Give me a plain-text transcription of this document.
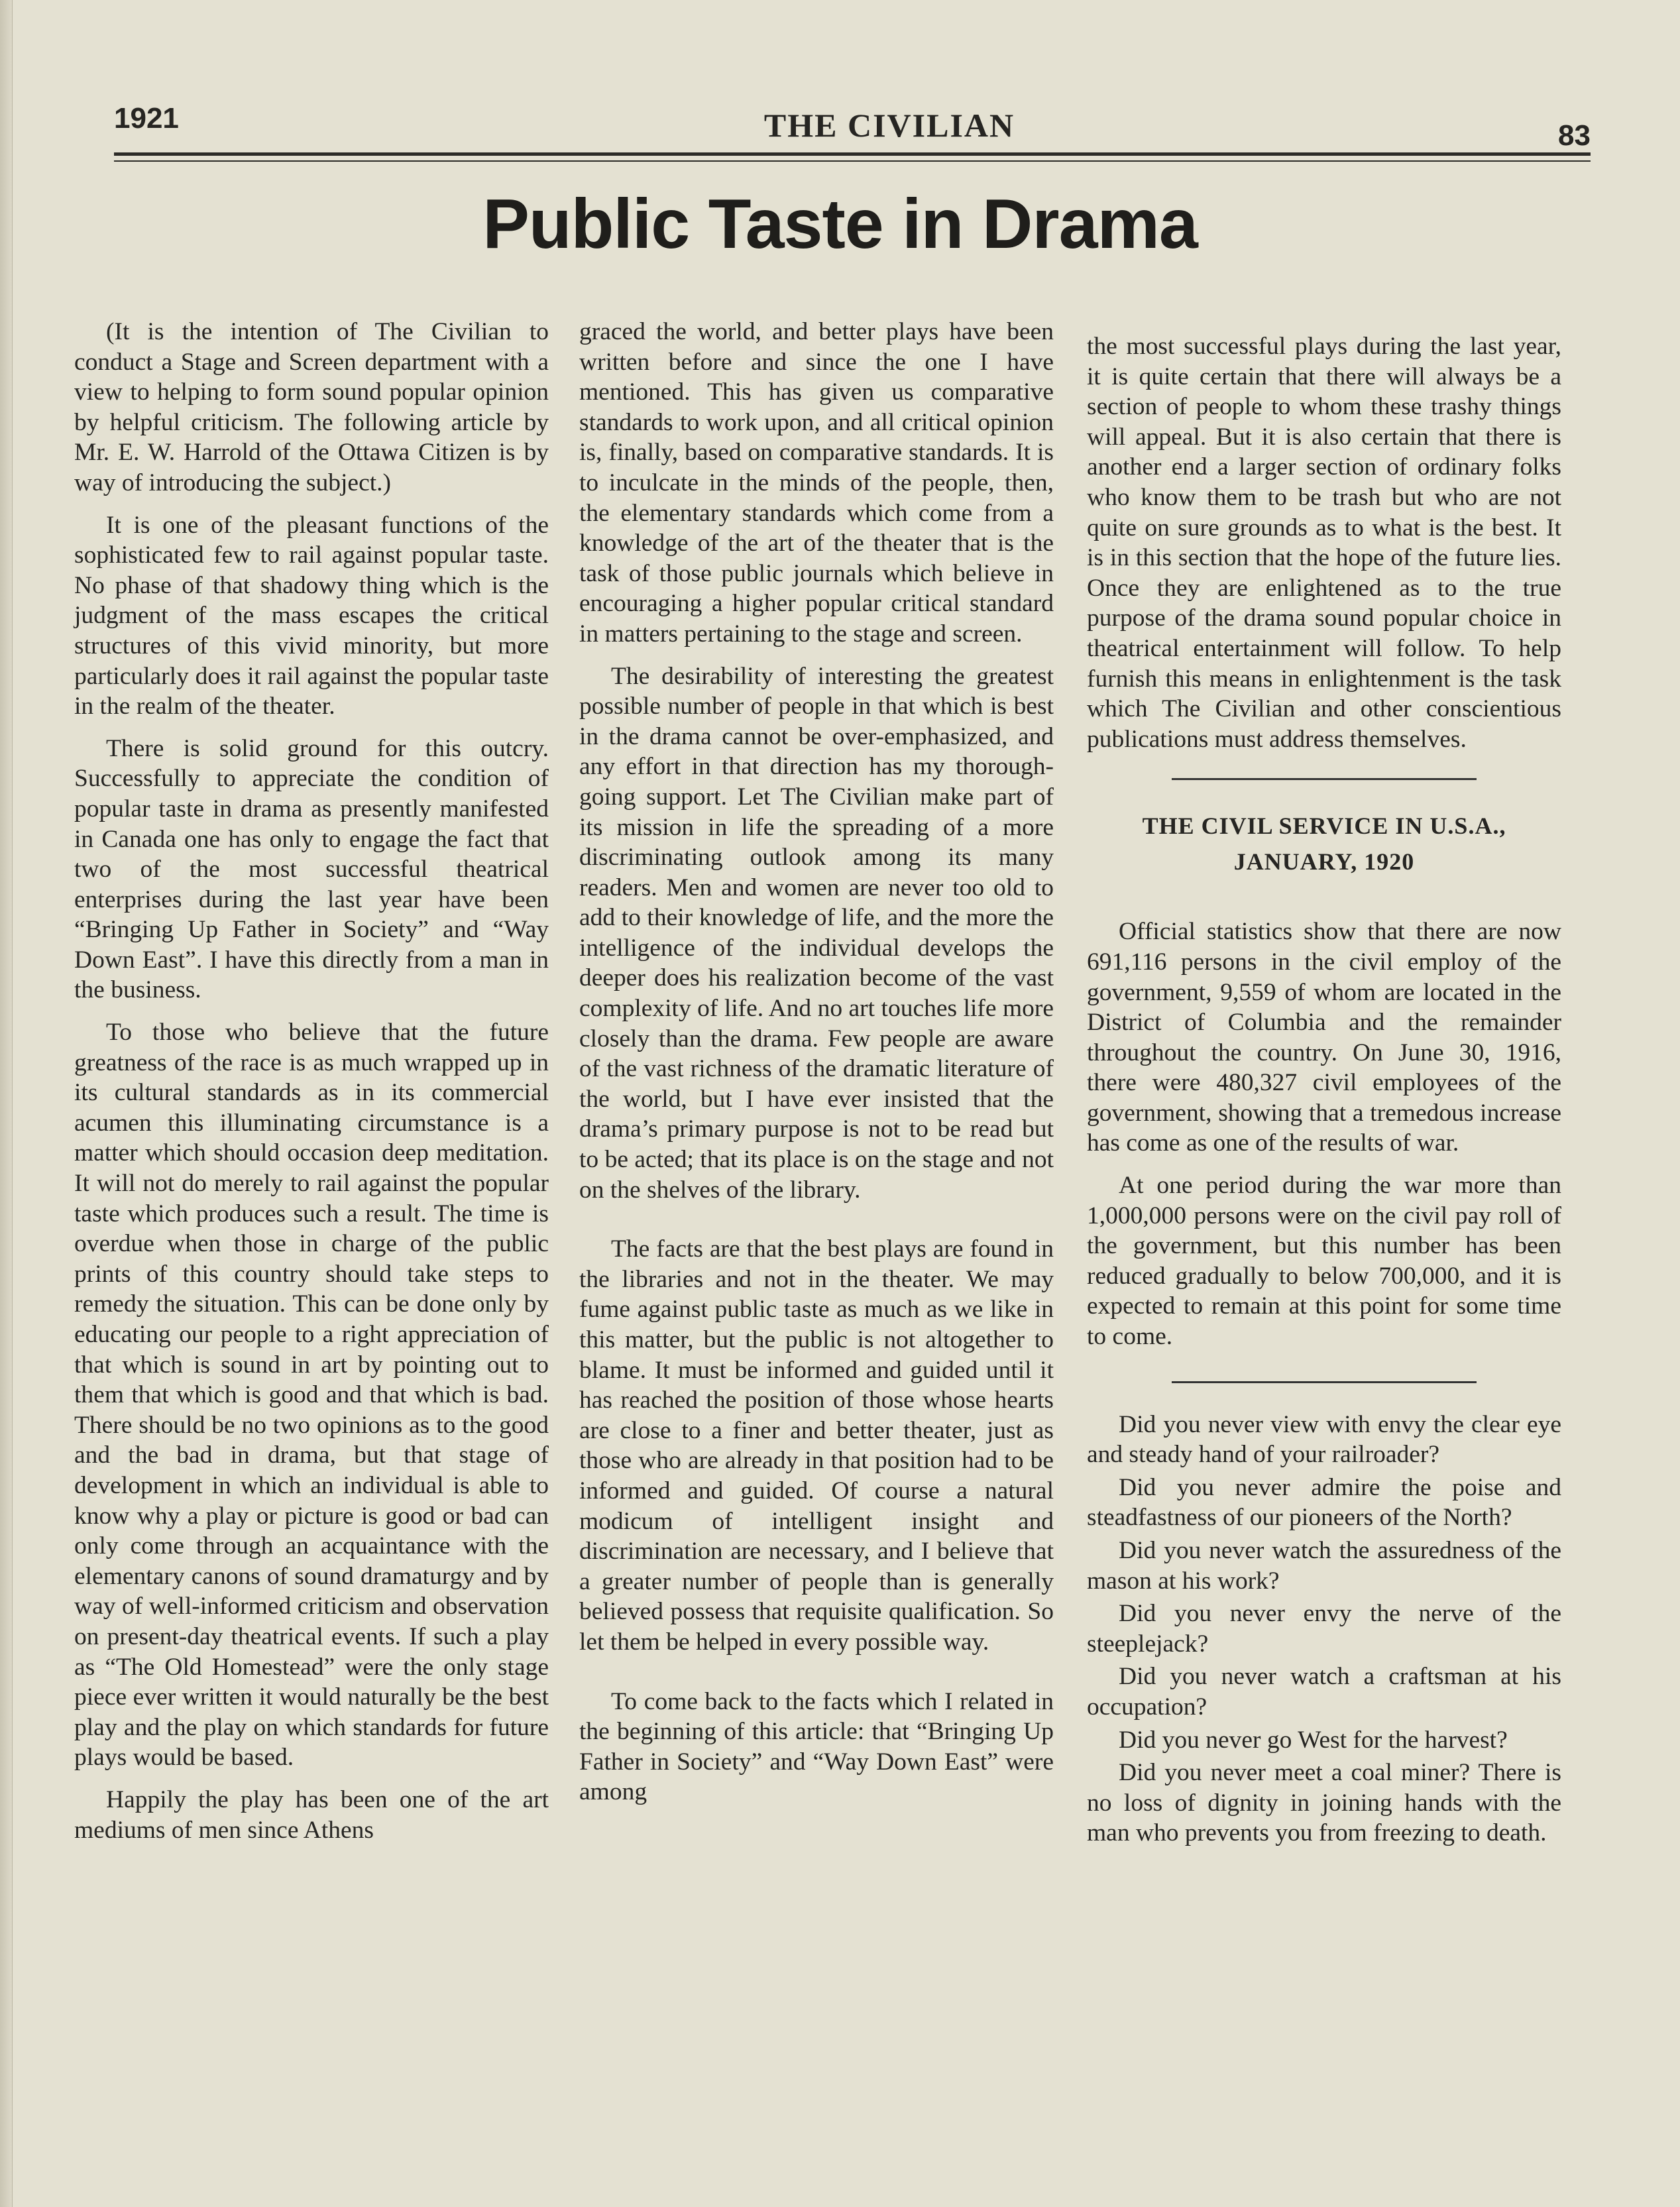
1921	THE CIVILIAN	83
Public Taste in Drama

(It is the intention of The Civilian to conduct a Stage and Screen department with a view to helping to form sound popular opinion by helpful criticism. The following article by Mr. E. W. Harrold of the Ottawa Citizen is by way of introducing the subject.)

It is one of the pleasant functions of the sophisticated few to rail against popular taste. No phase of that shadowy thing which is the judgment of the mass escapes the critical structures of this vivid minority, but more particularly does it rail against the popular taste in the realm of the theater.

There is solid ground for this outcry. Successfully to appreciate the condition of popular taste in drama as presently manifested in Canada one has only to engage the fact that two of the most successful theatrical enterprises during the last year have been “Bringing Up Father in Society” and “Way Down East”. I have this directly from a man in the business.

To those who believe that the future greatness of the race is as much wrapped up in its cultural standards as in its commercial acumen this illuminating circumstance is a matter which should occasion deep meditation. It will not do merely to rail against the popular taste which produces such a result. The time is overdue when those in charge of the public prints of this country should take steps to remedy the situation. This can be done only by educating our people to a right appreciation of that which is sound in art by pointing out to them that which is good and that which is bad. There should be no two opinions as to the good and the bad in drama, but that stage of development in which an individual is able to know why a play or picture is good or bad can only come through an acquaintance with the elementary canons of sound dramaturgy and by way of well-informed criticism and observation on present-day theatrical events. If such a play as “The Old Homestead” were the only stage piece ever written it would naturally be the best play and the play on which standards for future plays would be based.

Happily the play has been one of the art mediums of men since Athens

graced the world, and better plays have been written before and since the one I have mentioned. This has given us comparative standards to work upon, and all critical opinion is, finally, based on comparative standards. It is to inculcate in the minds of the people, then, the elementary standards which come from a knowledge of the art of the theater that is the task of those public journals which believe in encouraging a higher popular critical standard in matters pertaining to the stage and screen.

The desirability of interesting the greatest possible number of people in that which is best in the drama cannot be over-emphasized, and any effort in that direction has my thorough-going support. Let The Civilian make part of its mission in life the spreading of a more discriminating outlook among its many readers. Men and women are never too old to add to their knowledge of life, and the more the intelligence of the individual develops the deeper does his realization become of the vast complexity of life. And no art touches life more closely than the drama. Few people are aware of the vast richness of the dramatic literature of the world, but I have ever insisted that the drama’s primary purpose is not to be read but to be acted; that its place is on the stage and not on the shelves of the library.

The facts are that the best plays are found in the libraries and not in the theater. We may fume against public taste as much as we like in this matter, but the public is not altogether to blame. It must be informed and guided until it has reached the position of those whose hearts are close to a finer and better theater, just as those who are already in that position had to be informed and guided. Of course a natural modicum of intelligent insight and discrimination are necessary, and I believe that a greater number of people than is generally believed possess that requisite qualification. So let them be helped in every possible way.

To come back to the facts which I related in the beginning of this article: that “Bringing Up Father in Society” and “Way Down East” were among

the most successful plays during the last year, it is quite certain that there will always be a section of people to whom these trashy things will appeal. But it is also certain that there is another end a larger section of ordinary folks who know them to be trash but who are not quite on sure grounds as to what is the best. It is in this section that the hope of the future lies. Once they are enlightened as to the true purpose of the drama sound popular choice in theatrical entertainment will follow. To help furnish this means in enlightenment is the task which The Civilian and other conscientious publications must address themselves.

THE CIVIL SERVICE IN U.S.A.,
JANUARY, 1920

Official statistics show that there are now 691,116 persons in the civil employ of the government, 9,559 of whom are located in the District of Columbia and the remainder throughout the country. On June 30, 1916, there were 480,327 civil employees of the government, showing that a tremedous increase has come as one of the results of war.

At one period during the war more than 1,000,000 persons were on the civil pay roll of the government, but this number has been reduced gradually to below 700,000, and it is expected to remain at this point for some time to come.

Did you never view with envy the clear eye and steady hand of your railroader?

Did you never admire the poise and steadfastness of our pioneers of the North?

Did you never watch the assuredness of the mason at his work?

Did you never envy the nerve of the steeplejack?

Did you never watch a craftsman at his occupation?

Did you never go West for the harvest?

Did you never meet a coal miner? There is no loss of dignity in joining hands with the man who prevents you from freezing to death.
